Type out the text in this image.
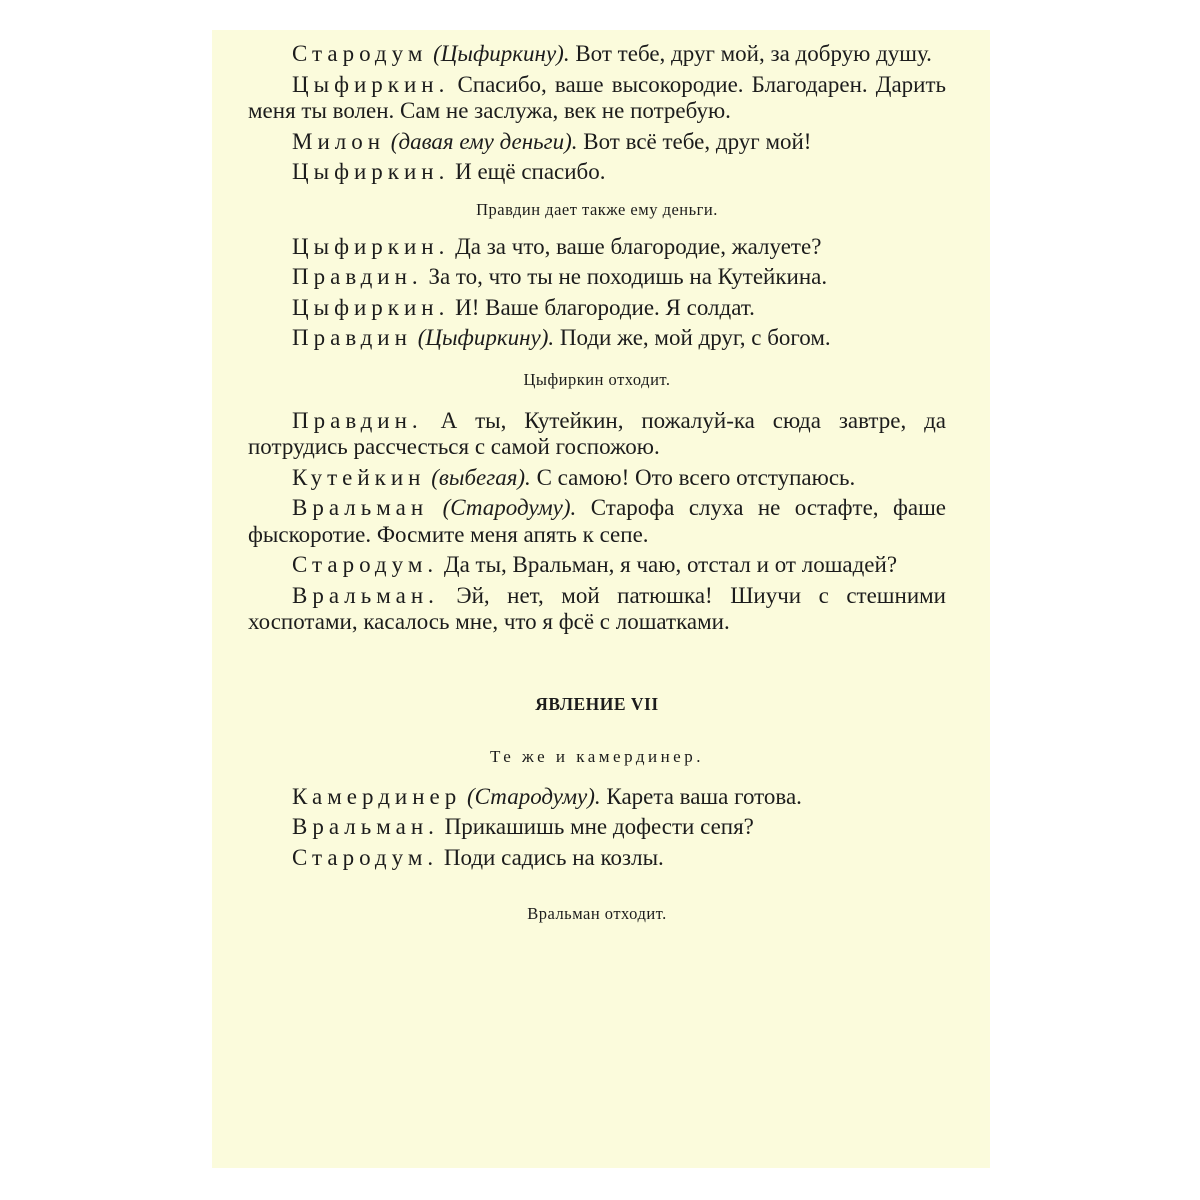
Стародум (Цыфиркину). Вот тебе, друг мой, за добрую душу.

Цыфиркин. Спасибо, ваше высокородие. Благодарен. Дарить меня ты волен. Сам не заслужа, век не потребую.

Милон (давая ему деньги). Вот всё тебе, друг мой!

Цыфиркин. И ещё спасибо.

Правдин дает также ему деньги.

Цыфиркин. Да за что, ваше благородие, жалуете?

Правдин. За то, что ты не походишь на Кутейкина.

Цыфиркин. И! Ваше благородие. Я солдат.

Правдин (Цыфиркину). Поди же, мой друг, с богом.

Цыфиркин отходит.

Правдин. А ты, Кутейкин, пожалуй-ка сюда завтре, да потрудись рассчесться с самой госпожою.

Кутейкин (выбегая). С самою! Ото всего отступаюсь.

Вральман (Стародуму). Старофа слуха не остафте, фаше фыскоротие. Фосмите меня апять к сепе.

Стародум. Да ты, Вральман, я чаю, отстал и от лошадей?

Вральман. Эй, нет, мой патюшка! Шиучи с стешними хоспотами, касалось мне, что я фсё с лошатками.

ЯВЛЕНИЕ VII

Те же и камердинер.

Камердинер (Стародуму). Карета ваша готова.

Вральман. Прикашишь мне дофести сепя?

Стародум. Поди садись на козлы.

Вральман отходит.
